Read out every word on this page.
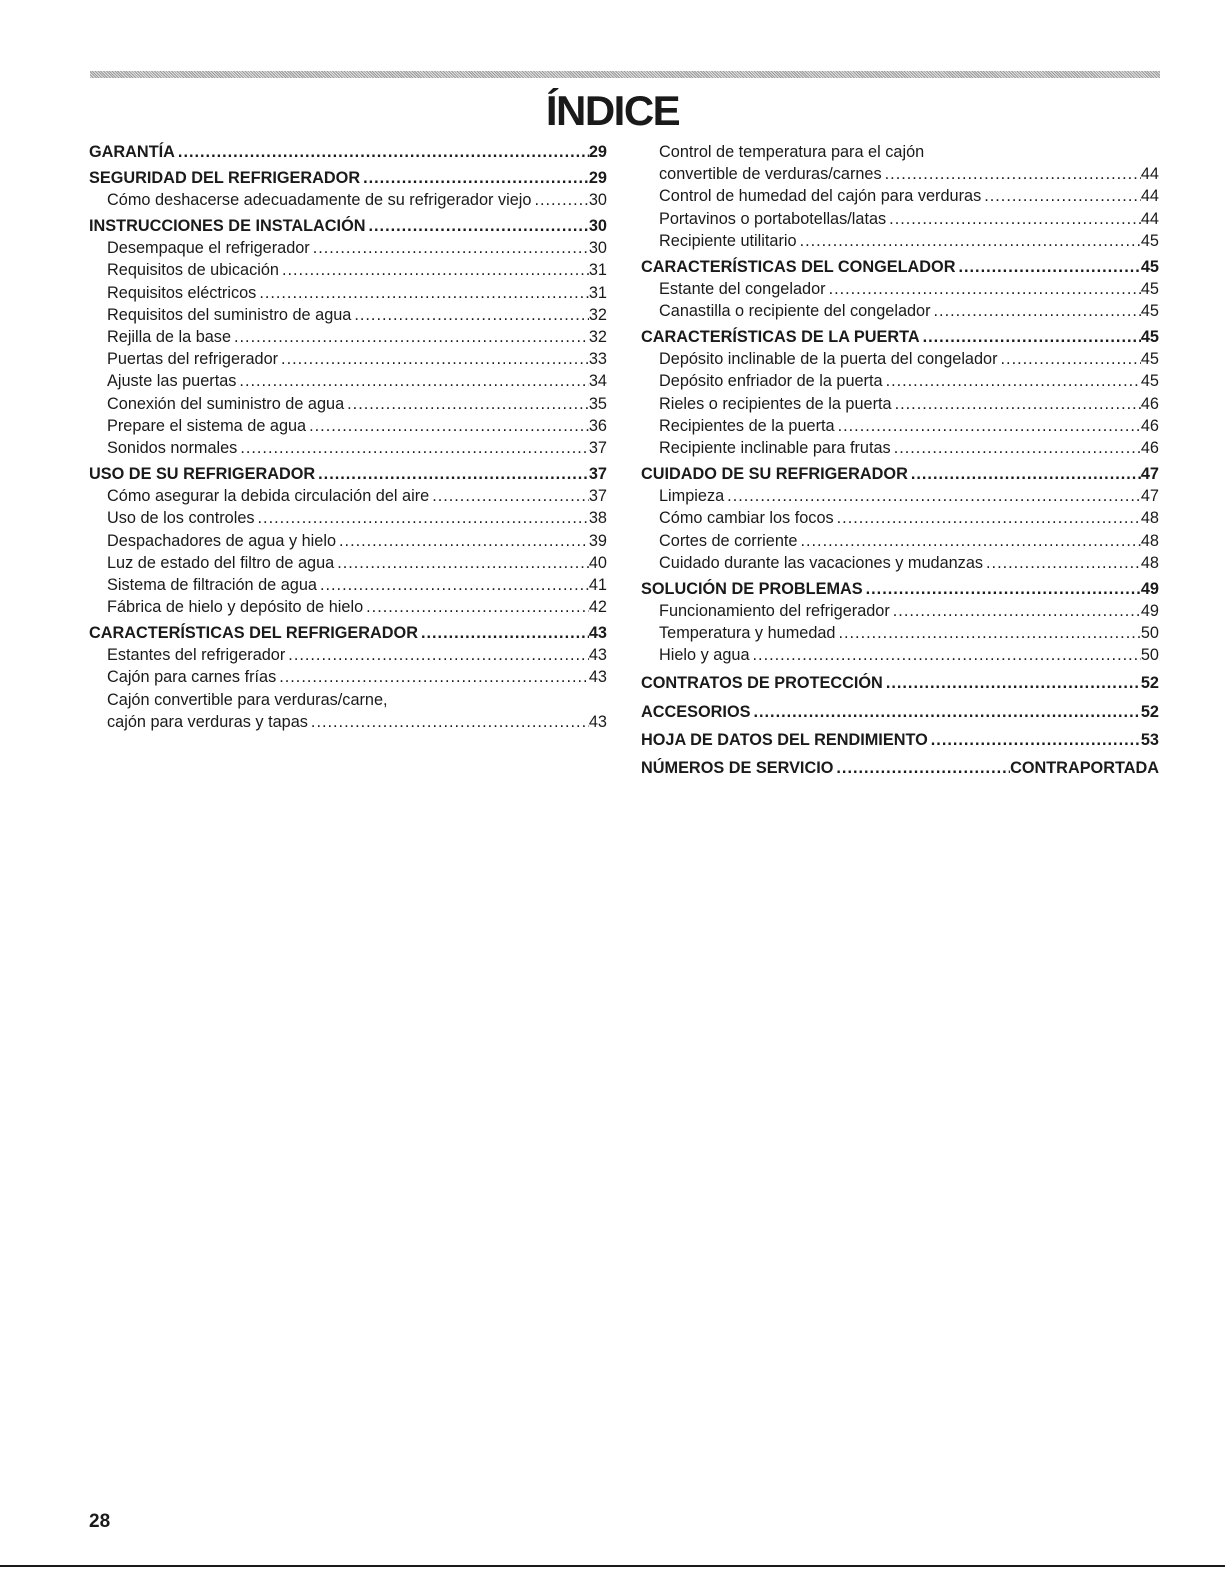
ÍNDICE
GARANTÍA .....	29
SEGURIDAD DEL REFRIGERADOR .....	29
Cómo deshacerse adecuadamente de su refrigerador viejo .....	30
INSTRUCCIONES DE INSTALACIÓN .....	30
Desempaque el refrigerador .....	30
Requisitos de ubicación .....	31
Requisitos eléctricos .....	31
Requisitos del suministro de agua .....	32
Rejilla de la base .....	32
Puertas del refrigerador .....	33
Ajuste las puertas .....	34
Conexión del suministro de agua .....	35
Prepare el sistema de agua .....	36
Sonidos normales .....	37
USO DE SU REFRIGERADOR .....	37
Cómo asegurar la debida circulación del aire .....	37
Uso de los controles .....	38
Despachadores de agua y hielo .....	39
Luz de estado del filtro de agua .....	40
Sistema de filtración de agua .....	41
Fábrica de hielo y depósito de hielo .....	42
CARACTERÍSTICAS DEL REFRIGERADOR .....	43
Estantes del refrigerador .....	43
Cajón para carnes frías .....	43
Cajón convertible para verduras/carne,
cajón para verduras y tapas .....	43
Control de temperatura para el cajón
convertible de verduras/carnes .....	44
Control de humedad del cajón para verduras .....	44
Portavinos o portabotellas/latas .....	44
Recipiente utilitario .....	45
CARACTERÍSTICAS DEL CONGELADOR .....	45
Estante del congelador .....	45
Canastilla o recipiente del congelador .....	45
CARACTERÍSTICAS DE LA PUERTA .....	45
Depósito inclinable de la puerta del congelador .....	45
Depósito enfriador de la puerta .....	45
Rieles o recipientes de la puerta .....	46
Recipientes de la puerta .....	46
Recipiente inclinable para frutas .....	46
CUIDADO DE SU REFRIGERADOR .....	47
Limpieza .....	47
Cómo cambiar los focos .....	48
Cortes de corriente .....	48
Cuidado durante las vacaciones y mudanzas .....	48
SOLUCIÓN DE PROBLEMAS .....	49
Funcionamiento del refrigerador .....	49
Temperatura y humedad .....	50
Hielo y agua .....	50
CONTRATOS DE PROTECCIÓN .....	52
ACCESORIOS .....	52
HOJA DE DATOS DEL RENDIMIENTO .....	53
NÚMEROS DE SERVICIO .....	CONTRAPORTADA
28
